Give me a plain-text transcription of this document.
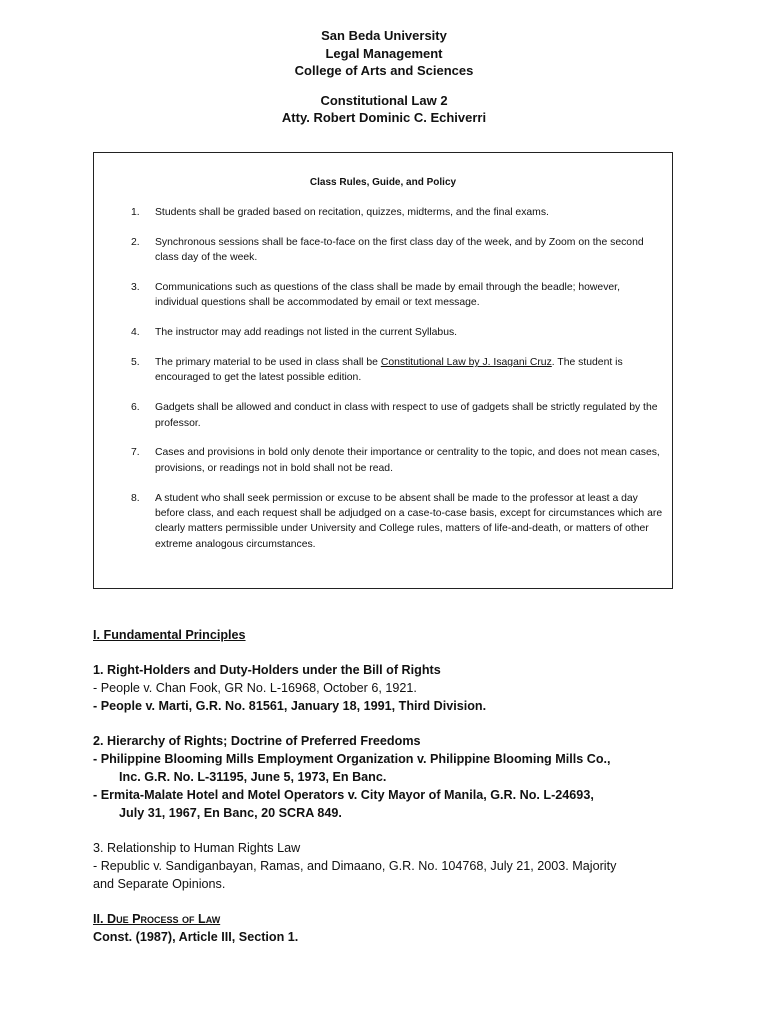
San Beda University
Legal Management
College of Arts and Sciences
Constitutional Law 2
Atty. Robert Dominic C. Echiverri
Class Rules, Guide, and Policy
1.	Students shall be graded based on recitation, quizzes, midterms, and the final exams.
2.	Synchronous sessions shall be face-to-face on the first class day of the week, and by Zoom on the second class day of the week.
3.	Communications such as questions of the class shall be made by email through the beadle; however, individual questions shall be accommodated by email or text message.
4.	The instructor may add readings not listed in the current Syllabus.
5.	The primary material to be used in class shall be Constitutional Law by J. Isagani Cruz. The student is encouraged to get the latest possible edition.
6.	Gadgets shall be allowed and conduct in class with respect to use of gadgets shall be strictly regulated by the professor.
7.	Cases and provisions in bold only denote their importance or centrality to the topic, and does not mean cases, provisions, or readings not in bold shall not be read.
8.	A student who shall seek permission or excuse to be absent shall be made to the professor at least a day before class, and each request shall be adjudged on a case-to-case basis, except for circumstances which are clearly matters permissible under University and College rules, matters of life-and-death, or matters of other extreme analogous circumstances.
I. Fundamental Principles
1. Right-Holders and Duty-Holders under the Bill of Rights
- People v. Chan Fook, GR No. L-16968, October 6, 1921.
- People v. Marti, G.R. No. 81561, January 18, 1991, Third Division.
2. Hierarchy of Rights; Doctrine of Preferred Freedoms
- Philippine Blooming Mills Employment Organization v. Philippine Blooming Mills Co.,
Inc. G.R. No. L-31195, June 5, 1973, En Banc.
- Ermita-Malate Hotel and Motel Operators v. City Mayor of Manila, G.R. No. L-24693,
July 31, 1967, En Banc, 20 SCRA 849.
3. Relationship to Human Rights Law
- Republic v. Sandiganbayan, Ramas, and Dimaano, G.R. No. 104768, July 21, 2003. Majority
and Separate Opinions.
II. Due Process of Law
Const. (1987), Article III, Section 1.
